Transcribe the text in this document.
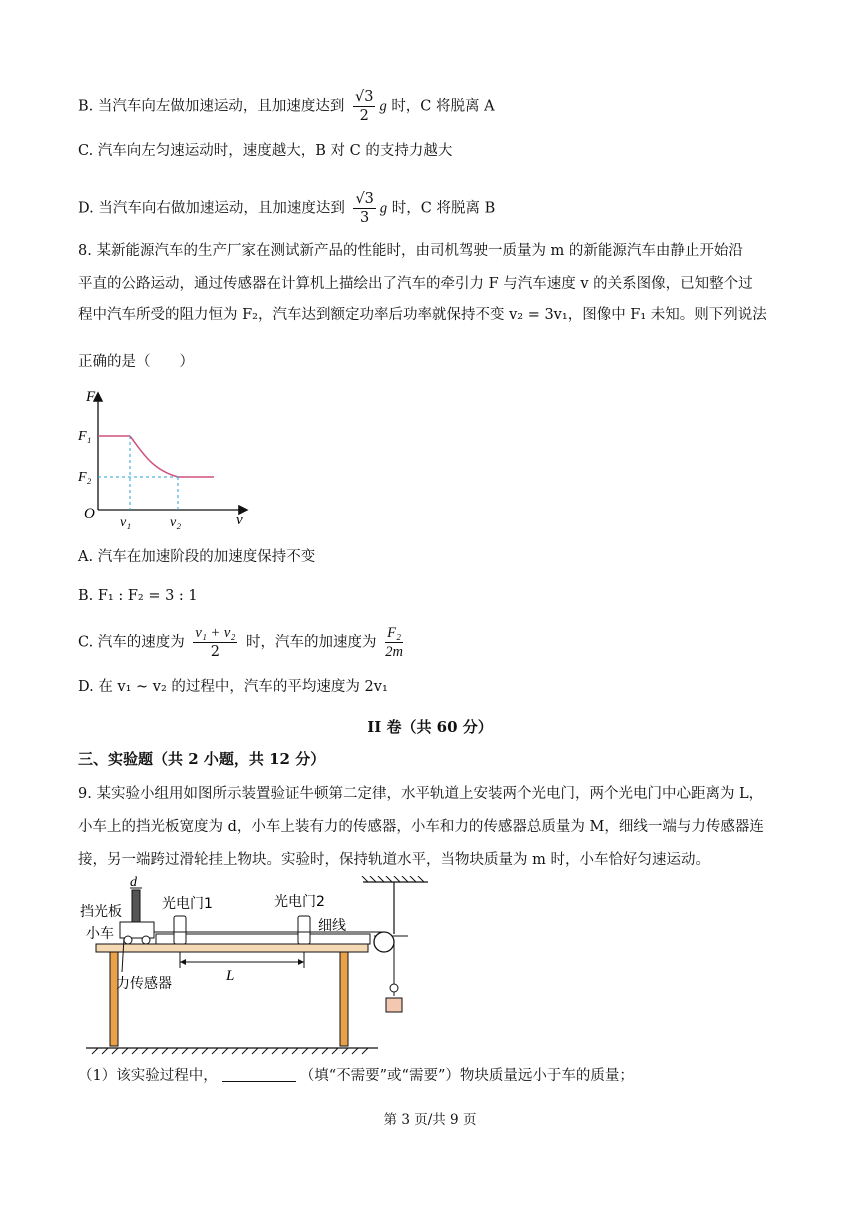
B. 当汽车向左做加速运动，且加速度达到 $\frac{√3}{2}$ g 时，C 将脱离 A
C. 汽车向左匀速运动时，速度越大，B 对 C 的支持力越大
D. 当汽车向右做加速运动，且加速度达到 $\frac{√3}{3}$ g 时，C 将脱离 B
8. 某新能源汽车的生产厂家在测试新产品的性能时，由司机驾驶一质量为 m 的新能源汽车由静止开始沿
平直的公路运动，通过传感器在计算机上描绘出了汽车的牵引力 F 与汽车速度 v 的关系图像，已知整个过
程中汽车所受的阻力恒为 F₂，汽车达到额定功率后功率就保持不变 v₂ = 3v₁，图像中 F₁ 未知。则下列说法
正确的是（　　）
F
F₁
F₂
O
v₁	v₂	v
A. 汽车在加速阶段的加速度保持不变
B. F₁ : F₂ = 3 : 1
C. 汽车的速度为 $\frac{\text{v₁ + v₂}}{2}$ 时，汽车的加速度为 $\frac{\text{F₂}}{2m}$
D. 在 v₁ ~ v₂ 的过程中，汽车的平均速度为 2v₁
II 卷（共 60 分）
三、实验题（共 2 小题，共 12 分）
9. 某实验小组用如图所示装置验证牛顿第二定律，水平轨道上安装两个光电门，两个光电门中心距离为 L，
小车上的挡光板宽度为 d，小车上装有力的传感器，小车和力的传感器总质量为 M，细线一端与力传感器连
接，另一端跨过滑轮挂上物块。实验时，保持轨道水平，当物块质量为 m 时，小车恰好匀速运动。
d
挡光板
小车
光电门1	光电门2
细线
力传感器	L
（1）该实验过程中，	（填“不需要”或“需要”）物块质量远小于车的质量；
第 3 页/共 9 页
